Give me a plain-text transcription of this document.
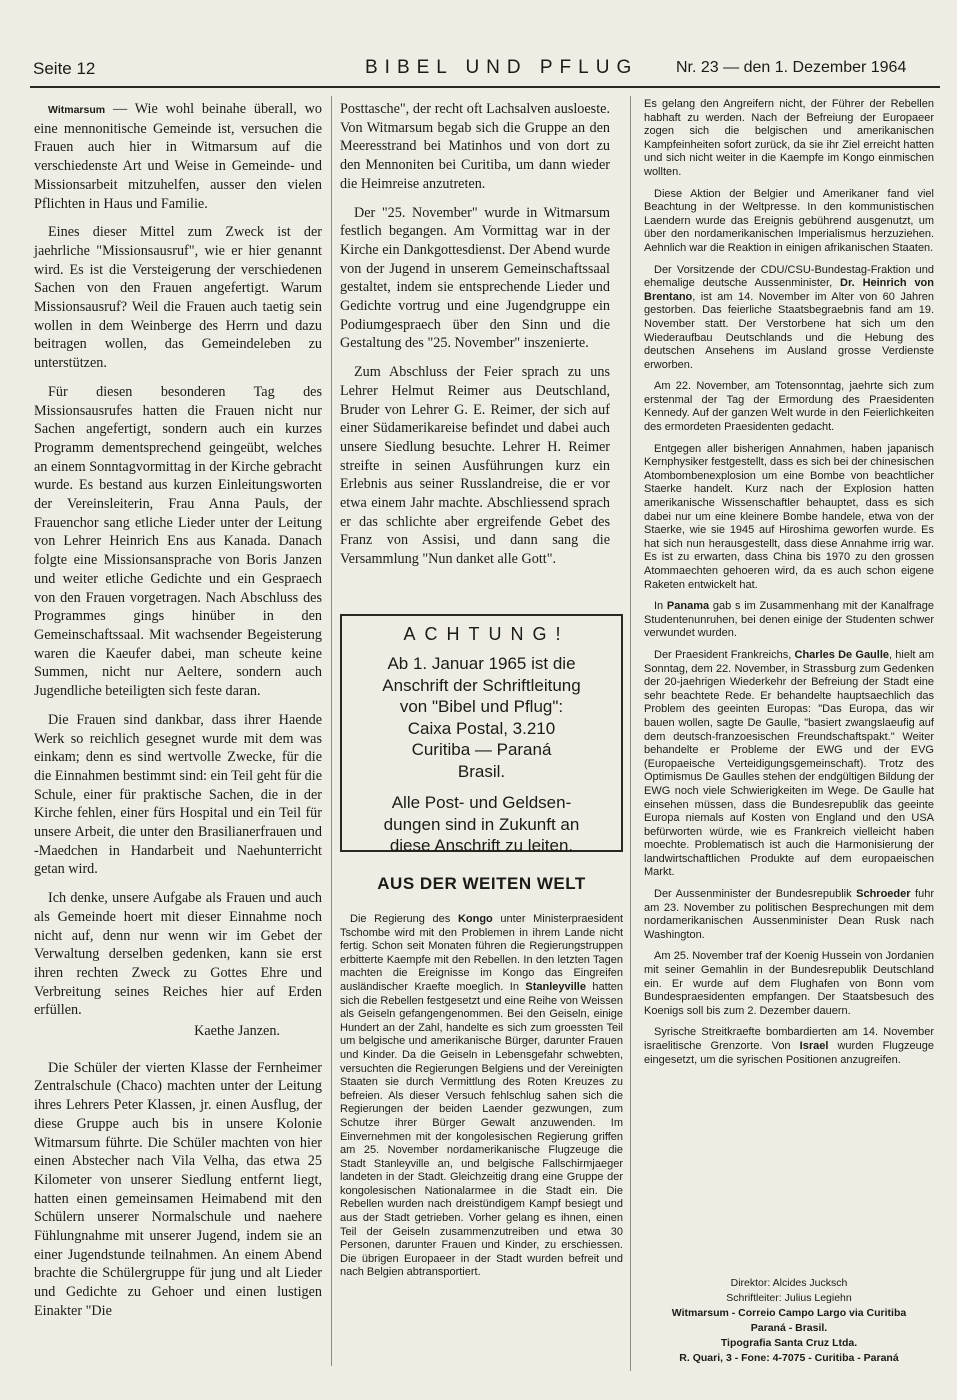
Seite 12	BIBEL UND PFLUG Nr. 23 — den 1. Dezember 1964

Witmarsum — Wie wohl beinahe überall, wo eine mennonitische Gemeinde ist, versuchen die Frauen auch hier in Witmarsum auf die verschiedenste Art und Weise in Gemeinde- und Missionsarbeit mitzuhelfen, ausser den vielen Pflichten in Haus und Familie.

Eines dieser Mittel zum Zweck ist der jaehrliche "Missionsausruf", wie er hier genannt wird. Es ist die Versteigerung der verschiedenen Sachen von den Frauen angefertigt. Warum Missionsausruf? Weil die Frauen auch taetig sein wollen in dem Weinberge des Herrn und dazu beitragen wollen, das Gemeindeleben zu unterstützen.

Für diesen besonderen Tag des Missionsausrufes hatten die Frauen nicht nur Sachen angefertigt, sondern auch ein kurzes Programm dementsprechend geingeübt, welches an einem Sonntagvormittag in der Kirche gebracht wurde. Es bestand aus kurzen Einleitungsworten der Vereinsleiterin, Frau Anna Pauls, der Frauenchor sang etliche Lieder unter der Leitung von Lehrer Heinrich Ens aus Kanada. Danach folgte eine Missionsansprache von Boris Janzen und weiter etliche Gedichte und ein Gespraech von den Frauen vorgetragen. Nach Abschluss des Programmes gings hinüber in den Gemeinschaftssaal. Mit wachsender Begeisterung waren die Kaeufer dabei, man scheute keine Summen, nicht nur Aeltere, sondern auch Jugendliche beteiligten sich feste daran.

Die Frauen sind dankbar, dass ihrer Haende Werk so reichlich gesegnet wurde mit dem was einkam; denn es sind wertvolle Zwecke, für die die Einnahmen bestimmt sind: ein Teil geht für die Schule, einer für praktische Sachen, die in der Kirche fehlen, einer fürs Hospital und ein Teil für unsere Arbeit, die unter den Brasilianerfrauen und -Maedchen in Handarbeit und Naehunterricht getan wird.

Ich denke, unsere Aufgabe als Frauen und auch als Gemeinde hoert mit dieser Einnahme noch nicht auf, denn nur wenn wir im Gebet der Verwaltung derselben gedenken, kann sie erst ihren rechten Zweck zu Gottes Ehre und Verbreitung seines Reiches hier auf Erden erfüllen.

Kaethe Janzen.

Die Schüler der vierten Klasse der Fernheimer Zentralschule (Chaco) machten unter der Leitung ihres Lehrers Peter Klassen, jr. einen Ausflug, der diese Gruppe auch bis in unsere Kolonie Witmarsum führte. Die Schüler machten von hier einen Abstecher nach Vila Velha, das etwa 25 Kilometer von unserer Siedlung entfernt liegt, hatten einen gemeinsamen Heimabend mit den Schülern unserer Normalschule und naehere Fühlungnahme mit unserer Jugend, indem sie an einer Jugendstunde teilnahmen. An einem Abend brachte die Schülergruppe für jung und alt Lieder und Gedichte zu Gehoer und einen lustigen Einakter "Die

Posttasche", der recht oft Lachsalven ausloeste. Von Witmarsum begab sich die Gruppe an den Meeresstrand bei Matinhos und von dort zu den Mennoniten bei Curitiba, um dann wieder die Heimreise anzutreten.

Der "25. November" wurde in Witmarsum festlich begangen. Am Vormittag war in der Kirche ein Dankgottesdienst. Der Abend wurde von der Jugend in unserem Gemeinschaftssaal gestaltet, indem sie entsprechende Lieder und Gedichte vortrug und eine Jugendgruppe ein Podiumgespraech über den Sinn und die Gestaltung des "25. November" inszenierte.

Zum Abschluss der Feier sprach zu uns Lehrer Helmut Reimer aus Deutschland, Bruder von Lehrer G. E. Reimer, der sich auf einer Südamerikareise befindet und dabei auch unsere Siedlung besuchte. Lehrer H. Reimer streifte in seinen Ausführungen kurz ein Erlebnis aus seiner Russlandreise, die er vor etwa einem Jahr machte. Abschliessend sprach er das schlichte aber ergreifende Gebet des Franz von Assisi, und dann sang die Versammlung "Nun danket alle Gott".

ACHTUNG!
Ab 1. Januar 1965 ist die
Anschrift der Schriftleitung
von "Bibel und Pflug":
Caixa Postal, 3.210
Curitiba — Paraná
Brasil.
Alle Post- und Geldsen-
dungen sind in Zukunft an
diese Anschrift zu leiten.
AUS DER WEITEN WELT

Die Regierung des Kongo unter Ministerpraesident Tschombe wird mit den Problemen in ihrem Lande nicht fertig. Schon seit Monaten führen die Regierungstruppen erbitterte Kaempfe mit den Rebellen. In den letzten Tagen machten die Ereignisse im Kongo das Eingreifen ausländischer Kraefte moeglich. In Stanleyville hatten sich die Rebellen festgesetzt und eine Reihe von Weissen als Geiseln gefangengenommen. Bei den Geiseln, einige Hundert an der Zahl, handelte es sich zum groessten Teil um belgische und amerikanische Bürger, darunter Frauen und Kinder. Da die Geiseln in Lebensgefahr schwebten, versuchten die Regierungen Belgiens und der Vereinigten Staaten sie durch Vermittlung des Roten Kreuzes zu befreien. Als dieser Versuch fehlschlug sahen sich die Regierungen der beiden Laender gezwungen, zum Schutze ihrer Bürger Gewalt anzuwenden. Im Einvernehmen mit der kongolesischen Regierung griffen am 25. November nordamerikanische Flugzeuge die Stadt Stanleyville an, und belgische Fallschirmjaeger landeten in der Stadt. Gleichzeitig drang eine Gruppe der kongolesischen Nationalarmee in die Stadt ein. Die Rebellen wurden nach dreistündigem Kampf besiegt und aus der Stadt getrieben. Vorher gelang es ihnen, einen Teil der Geiseln zusammenzutreiben und etwa 30 Personen, darunter Frauen und Kinder, zu erschiessen. Die übrigen Europaeer in der Stadt wurden befreit und nach Belgien abtransportiert.

Es gelang den Angreifern nicht, der Führer der Rebellen habhaft zu werden. Nach der Befreiung der Europaeer zogen sich die belgischen und amerikanischen Kampfeinheiten sofort zurück, da sie ihr Ziel erreicht hatten und sich nicht weiter in die Kaempfe im Kongo einmischen wollten.

Diese Aktion der Belgier und Amerikaner fand viel Beachtung in der Weltpresse. In den kommunistischen Laendern wurde das Ereignis gebührend ausgenutzt, um über den nordamerikanischen Imperialismus herzuziehen. Aehnlich war die Reaktion in einigen afrikanischen Staaten.

Der Vorsitzende der CDU/CSU-Bundestag-Fraktion und ehemalige deutsche Aussenminister, Dr. Heinrich von Brentano, ist am 14. November im Alter von 60 Jahren gestorben. Das feierliche Staatsbegraebnis fand am 19. November statt. Der Verstorbene hat sich um den Wiederaufbau Deutschlands und die Hebung des deutschen Ansehens im Ausland grosse Verdienste erworben.

Am 22. November, am Totensonntag, jaehrte sich zum erstenmal der Tag der Ermordung des Praesidenten Kennedy. Auf der ganzen Welt wurde in den Feierlichkeiten des ermordeten Praesidenten gedacht.

Entgegen aller bisherigen Annahmen, haben japanisch Kernphysiker festgestellt, dass es sich bei der chinesischen Atombombenexplosion um eine Bombe von beachtlicher Staerke handelt. Kurz nach der Explosion hatten amerikanische Wissenschaftler behauptet, dass es sich dabei nur um eine kleinere Bombe handele, etwa von der Staerke, wie sie 1945 auf Hiroshima geworfen wurde. Es hat sich nun herausgestellt, dass diese Annahme irrig war. Es ist zu erwarten, dass China bis 1970 zu den grossen Atommaechten gehoeren wird, da es auch schon eigene Raketen entwickelt hat.

In Panama gab s im Zusammenhang mit der Kanalfrage Studentenunruhen, bei denen einige der Studenten schwer verwundet wurden.

Der Praesident Frankreichs, Charles De Gaulle, hielt am Sonntag, dem 22. November, in Strassburg zum Gedenken der 20-jaehrigen Wiederkehr der Befreiung der Stadt eine sehr beachtete Rede. Er behandelte hauptsaechlich das Problem des geeinten Europas: "Das Europa, das wir bauen wollen, sagte De Gaulle, "basiert zwangslaeufig auf dem deutsch-franzoesischen Freundschaftspakt." Weiter behandelte er Probleme der EWG und der EVG (Europaeische Verteidigungsgemeinschaft). Trotz des Optimismus De Gaulles stehen der endgültigen Bildung der EWG noch viele Schwierigkeiten im Wege. De Gaulle hat einsehen müssen, dass die Bundesrepublik das geeinte Europa niemals auf Kosten von England und den USA befürworten würde, wie es Frankreich vielleicht haben moechte. Problematisch ist auch die Harmonisierung der landwirtschaftlichen Produkte auf dem europaeischen Markt.

Der Aussenminister der Bundesrepublik Schroeder fuhr am 23. November zu politischen Besprechungen mit dem nordamerikanischen Aussenminister Dean Rusk nach Washington.

Am 25. November traf der Koenig Hussein von Jordanien mit seiner Gemahlin in der Bundesrepublik Deutschland ein. Er wurde auf dem Flughafen von Bonn vom Bundespraesidenten empfangen. Der Staatsbesuch des Koenigs soll bis zum 2. Dezember dauern.

Syrische Streitkraefte bombardierten am 14. November israelitische Grenzorte. Von Israel wurden Flugzeuge eingesetzt, um die syrischen Positionen anzugreifen.

Direktor: Alcides Jucksch
Schriftleiter: Julius Legiehn
Witmarsum - Correio Campo Largo via Curitiba
Paraná - Brasil.
Tipografia Santa Cruz Ltda.
R. Quari, 3 - Fone: 4-7075 - Curitiba - Paraná
